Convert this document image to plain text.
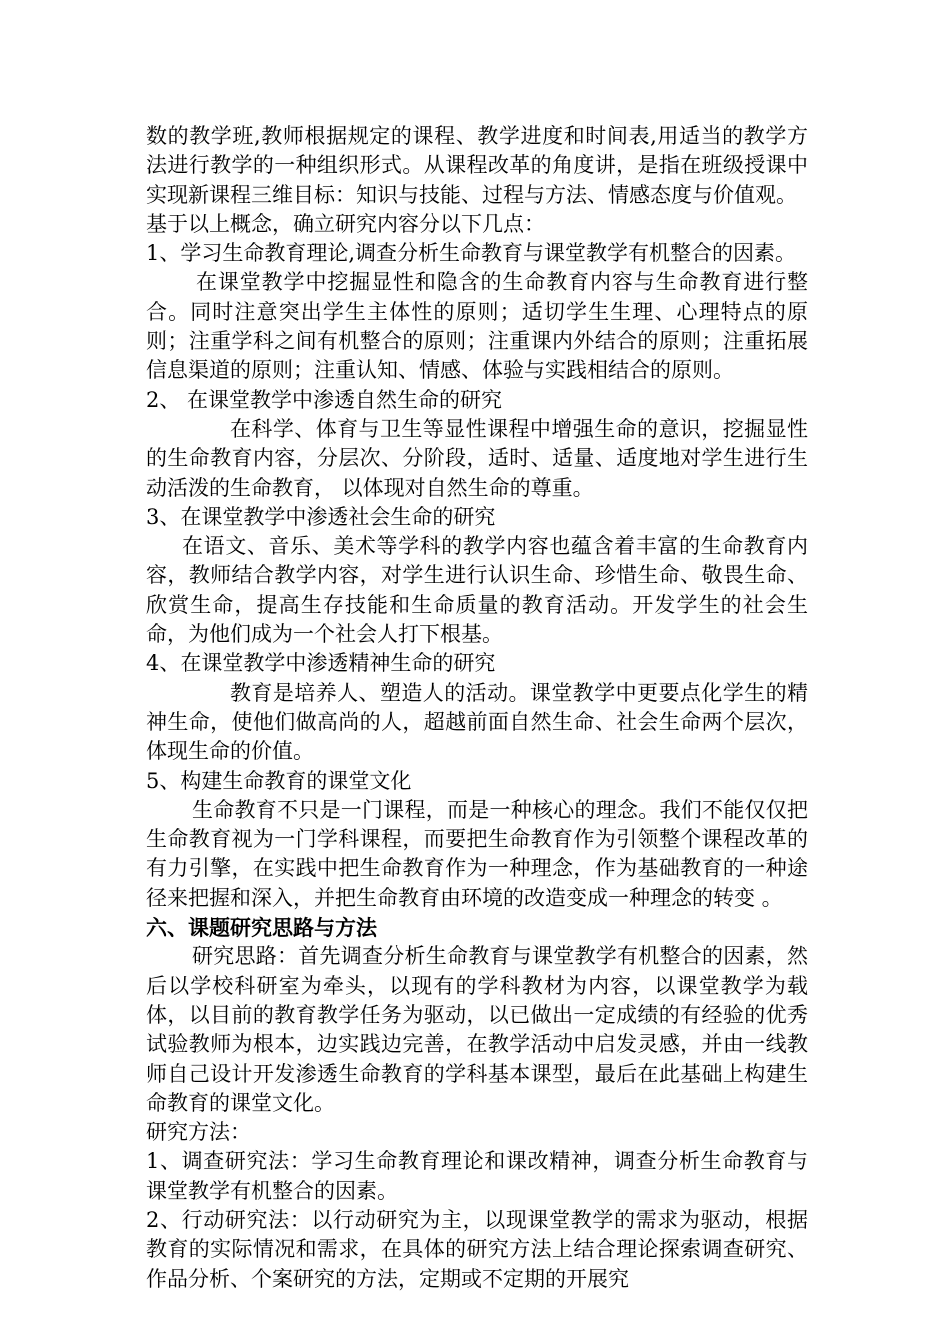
数的教学班,教师根据规定的课程、教学进度和时间表,用适当的教学方法进行教学的一种组织形式。从课程改革的角度讲，是指在班级授课中实现新课程三维目标：知识与技能、过程与方法、情感态度与价值观。

基于以上概念，确立研究内容分以下几点：

1、学习生命教育理论,调查分析生命教育与课堂教学有机整合的因素。

在课堂教学中挖掘显性和隐含的生命教育内容与生命教育进行整合。同时注意突出学生主体性的原则；适切学生生理、心理特点的原则；注重学科之间有机整合的原则；注重课内外结合的原则；注重拓展信息渠道的原则；注重认知、情感、体验与实践相结合的原则。

2、 在课堂教学中渗透自然生命的研究

在科学、体育与卫生等显性课程中增强生命的意识，挖掘显性的生命教育内容，分层次、分阶段，适时、适量、适度地对学生进行生动活泼的生命教育， 以体现对自然生命的尊重。

3、在课堂教学中渗透社会生命的研究

在语文、音乐、美术等学科的教学内容也蕴含着丰富的生命教育内容，教师结合教学内容，对学生进行认识生命、珍惜生命、敬畏生命、欣赏生命，提高生存技能和生命质量的教育活动。开发学生的社会生命，为他们成为一个社会人打下根基。

4、在课堂教学中渗透精神生命的研究

教育是培养人、塑造人的活动。课堂教学中更要点化学生的精神生命，使他们做高尚的人，超越前面自然生命、社会生命两个层次，体现生命的价值。

5、构建生命教育的课堂文化

生命教育不只是一门课程，而是一种核心的理念。我们不能仅仅把生命教育视为一门学科课程，而要把生命教育作为引领整个课程改革的有力引擎，在实践中把生命教育作为一种理念，作为基础教育的一种途径来把握和深入，并把生命教育由环境的改造变成一种理念的转变 。

六、课题研究思路与方法

研究思路：首先调查分析生命教育与课堂教学有机整合的因素，然后以学校科研室为牵头，以现有的学科教材为内容，以课堂教学为载体，以目前的教育教学任务为驱动，以已做出一定成绩的有经验的优秀试验教师为根本，边实践边完善，在教学活动中启发灵感，并由一线教师自己设计开发渗透生命教育的学科基本课型，最后在此基础上构建生命教育的课堂文化。

研究方法：

1、调查研究法：学习生命教育理论和课改精神，调查分析生命教育与课堂教学有机整合的因素。

2、行动研究法：以行动研究为主，以现课堂教学的需求为驱动，根据教育的实际情况和需求，在具体的研究方法上结合理论探索调查研究、作品分析、个案研究的方法，定期或不定期的开展究
